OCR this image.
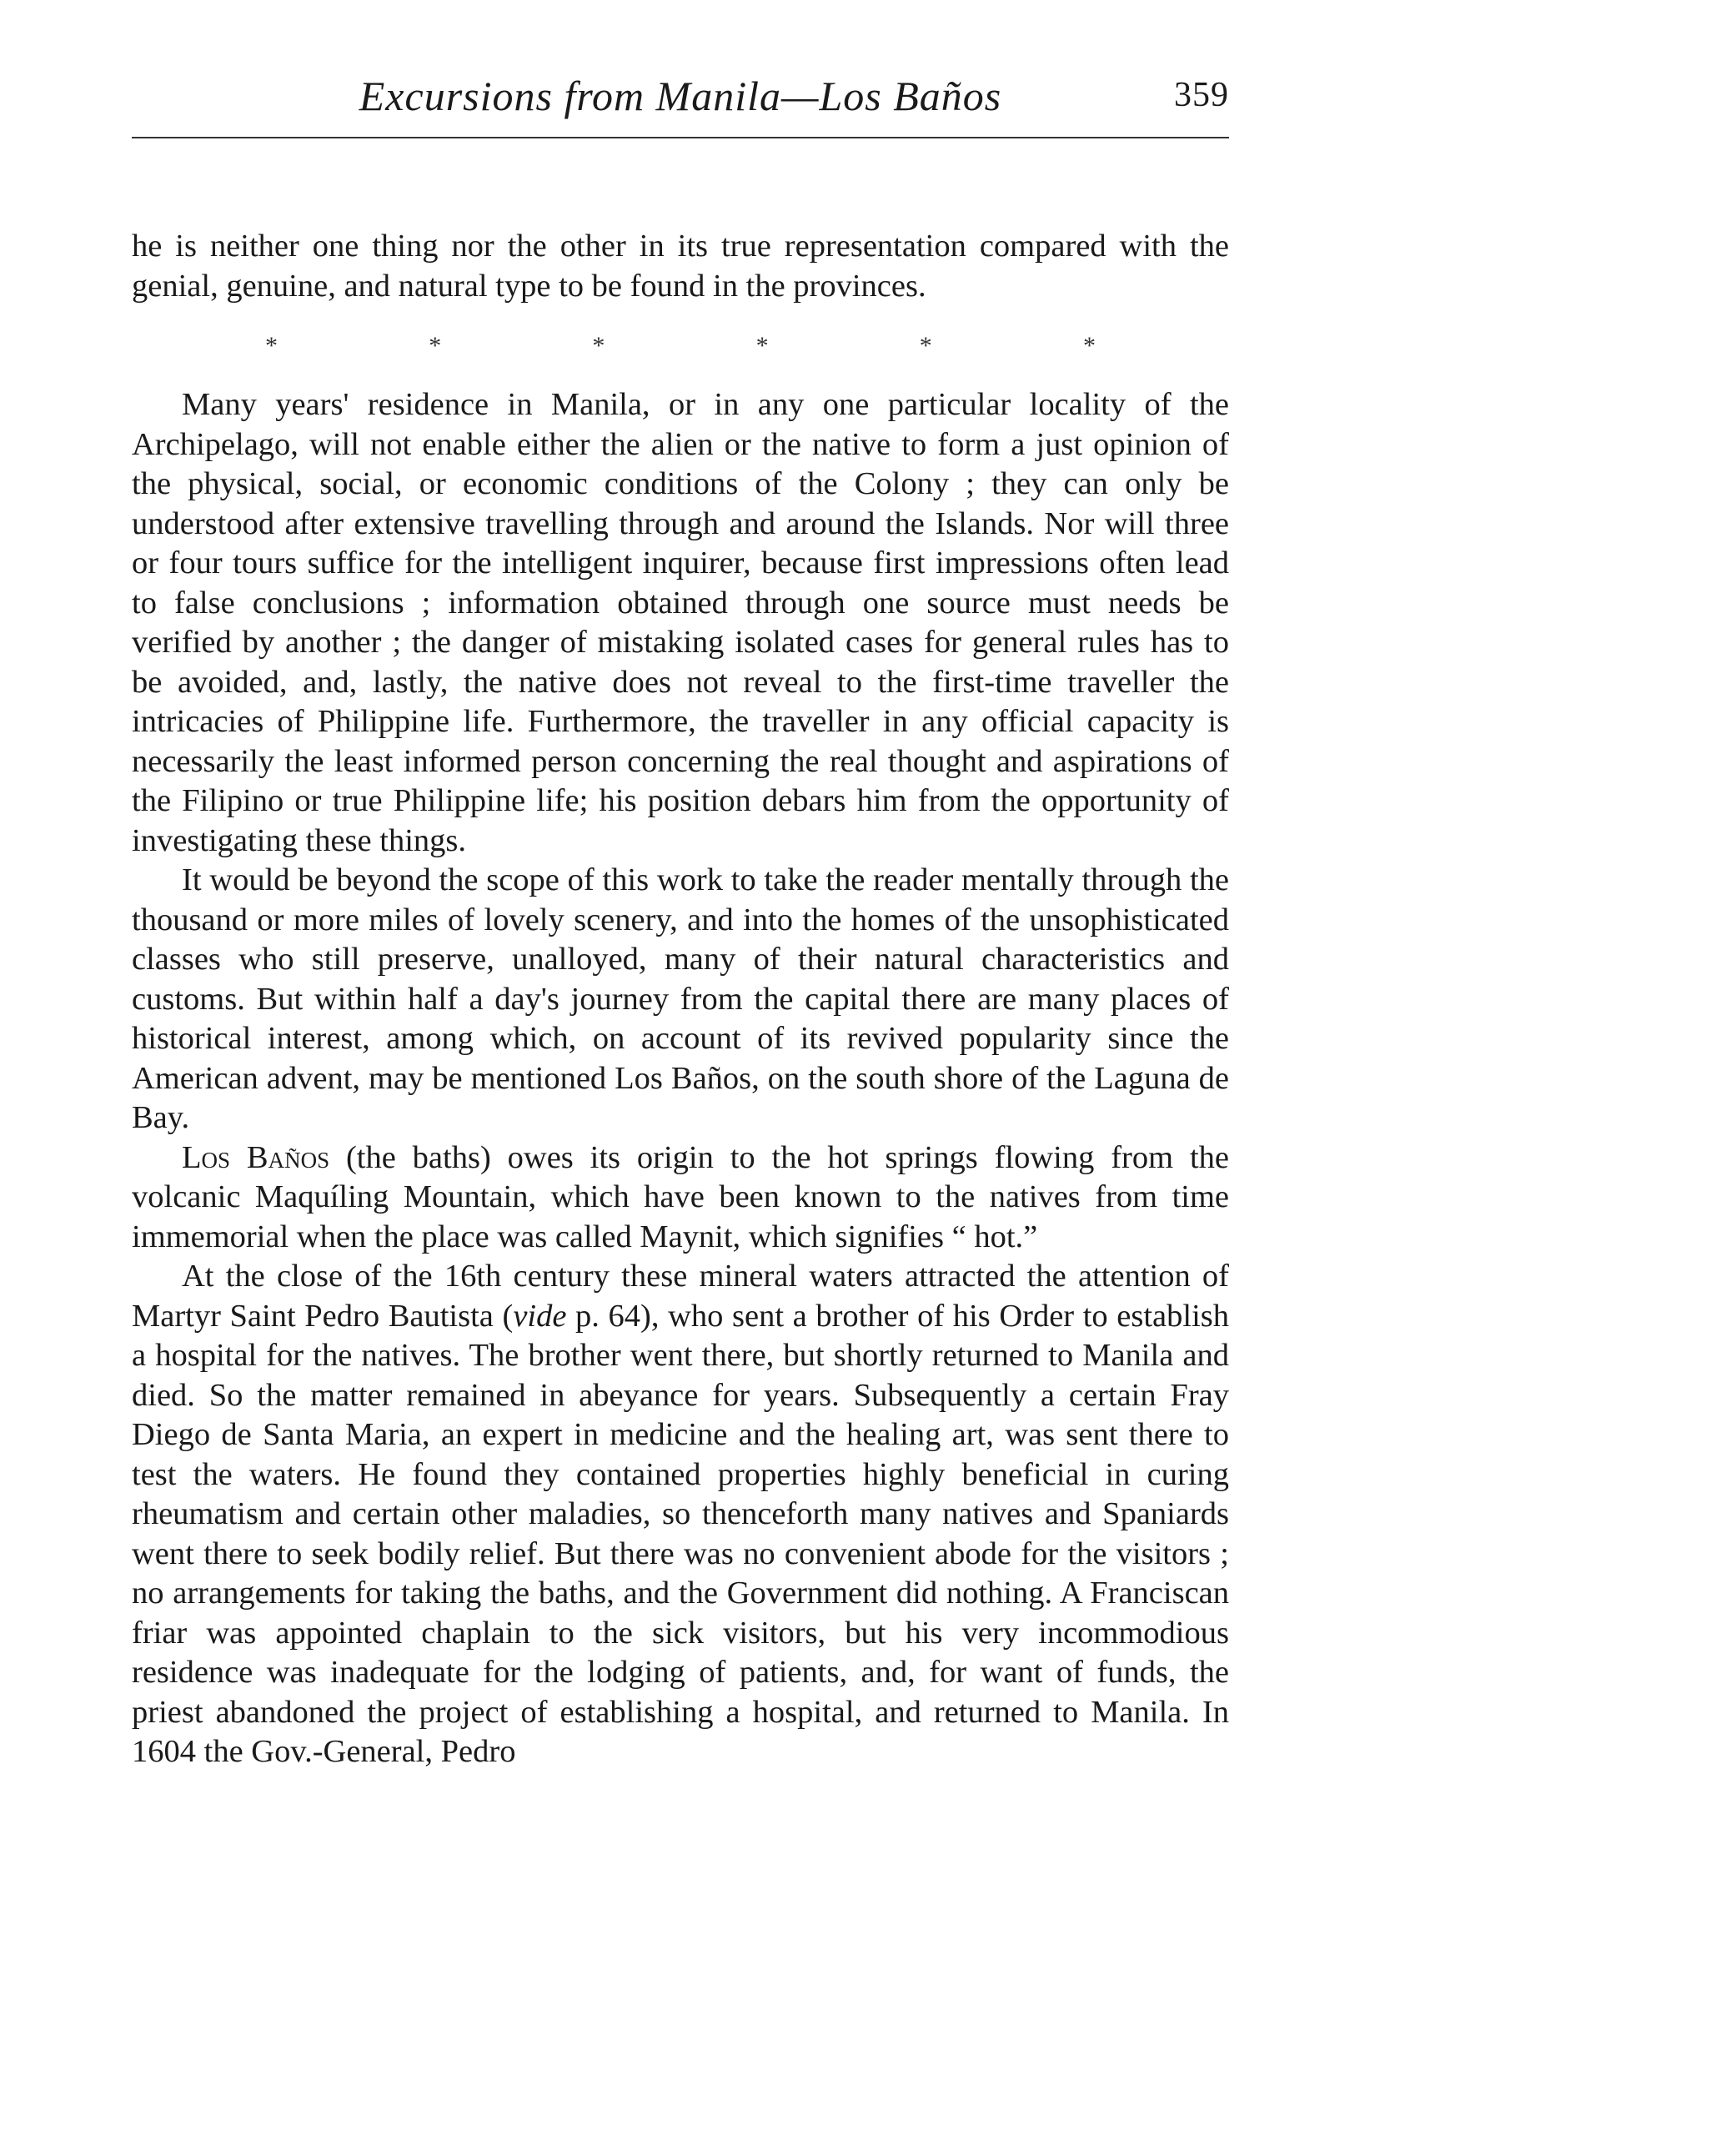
Excursions from Manila—Los Baños	359

he is neither one thing nor the other in its true representation compared with the genial, genuine, and natural type to be found in the provinces.

*	*	*	*	*	*

Many years' residence in Manila, or in any one particular locality of the Archipelago, will not enable either the alien or the native to form a just opinion of the physical, social, or economic conditions of the Colony ; they can only be understood after extensive travelling through and around the Islands. Nor will three or four tours suffice for the intelligent inquirer, because first impressions often lead to false conclusions ; information obtained through one source must needs be verified by another ; the danger of mistaking isolated cases for general rules has to be avoided, and, lastly, the native does not reveal to the first-time traveller the intricacies of Philippine life. Furthermore, the traveller in any official capacity is necessarily the least informed person concerning the real thought and aspirations of the Filipino or true Philippine life; his position debars him from the opportunity of investigating these things.

It would be beyond the scope of this work to take the reader mentally through the thousand or more miles of lovely scenery, and into the homes of the unsophisticated classes who still preserve, unalloyed, many of their natural characteristics and customs. But within half a day's journey from the capital there are many places of historical interest, among which, on account of its revived popularity since the American advent, may be mentioned Los Baños, on the south shore of the Laguna de Bay.

Los Baños (the baths) owes its origin to the hot springs flowing from the volcanic Maquíling Mountain, which have been known to the natives from time immemorial when the place was called Maynit, which signifies “ hot.”

At the close of the 16th century these mineral waters attracted the attention of Martyr Saint Pedro Bautista (vide p. 64), who sent a brother of his Order to establish a hospital for the natives. The brother went there, but shortly returned to Manila and died. So the matter remained in abeyance for years. Subsequently a certain Fray Diego de Santa Maria, an expert in medicine and the healing art, was sent there to test the waters. He found they contained properties highly beneficial in curing rheumatism and certain other maladies, so thenceforth many natives and Spaniards went there to seek bodily relief. But there was no convenient abode for the visitors ; no arrangements for taking the baths, and the Government did nothing. A Franciscan friar was appointed chaplain to the sick visitors, but his very incommodious residence was inadequate for the lodging of patients, and, for want of funds, the priest abandoned the project of establishing a hospital, and returned to Manila. In 1604 the Gov.-General, Pedro
